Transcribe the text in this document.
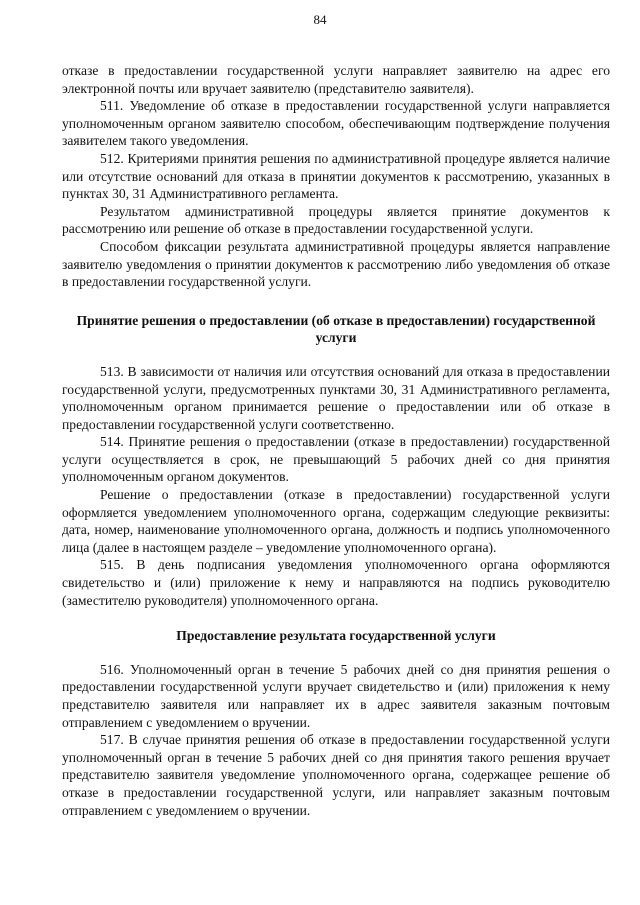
84

отказе в предоставлении государственной услуги направляет заявителю на адрес его электронной почты или вручает заявителю (представителю заявителя).

511. Уведомление об отказе в предоставлении государственной услуги направляется уполномоченным органом заявителю способом, обеспечивающим подтверждение получения заявителем такого уведомления.

512. Критериями принятия решения по административной процедуре является наличие или отсутствие оснований для отказа в принятии документов к рассмотрению, указанных в пунктах 30, 31 Административного регламента.

Результатом административной процедуры является принятие документов к рассмотрению или решение об отказе в предоставлении государственной услуги.

Способом фиксации результата административной процедуры является направление заявителю уведомления о принятии документов к рассмотрению либо уведомления об отказе в предоставлении государственной услуги.

Принятие решения о предоставлении (об отказе в предоставлении) государственной услуги

513. В зависимости от наличия или отсутствия оснований для отказа в предоставлении государственной услуги, предусмотренных пунктами 30, 31 Административного регламента, уполномоченным органом принимается решение о предоставлении или об отказе в предоставлении государственной услуги соответственно.

514. Принятие решения о предоставлении (отказе в предоставлении) государственной услуги осуществляется в срок, не превышающий 5 рабочих дней со дня принятия уполномоченным органом документов.

Решение о предоставлении (отказе в предоставлении) государственной услуги оформляется уведомлением уполномоченного органа, содержащим следующие реквизиты: дата, номер, наименование уполномоченного органа, должность и подпись уполномоченного лица (далее в настоящем разделе – уведомление уполномоченного органа).

515. В день подписания уведомления уполномоченного органа оформляются свидетельство и (или) приложение к нему и направляются на подпись руководителю (заместителю руководителя) уполномоченного органа.

Предоставление результата государственной услуги

516. Уполномоченный орган в течение 5 рабочих дней со дня принятия решения о предоставлении государственной услуги вручает свидетельство и (или) приложения к нему представителю заявителя или направляет их в адрес заявителя заказным почтовым отправлением с уведомлением о вручении.

517. В случае принятия решения об отказе в предоставлении государственной услуги уполномоченный орган в течение 5 рабочих дней со дня принятия такого решения вручает представителю заявителя уведомление уполномоченного органа, содержащее решение об отказе в предоставлении государственной услуги, или направляет заказным почтовым отправлением с уведомлением о вручении.
